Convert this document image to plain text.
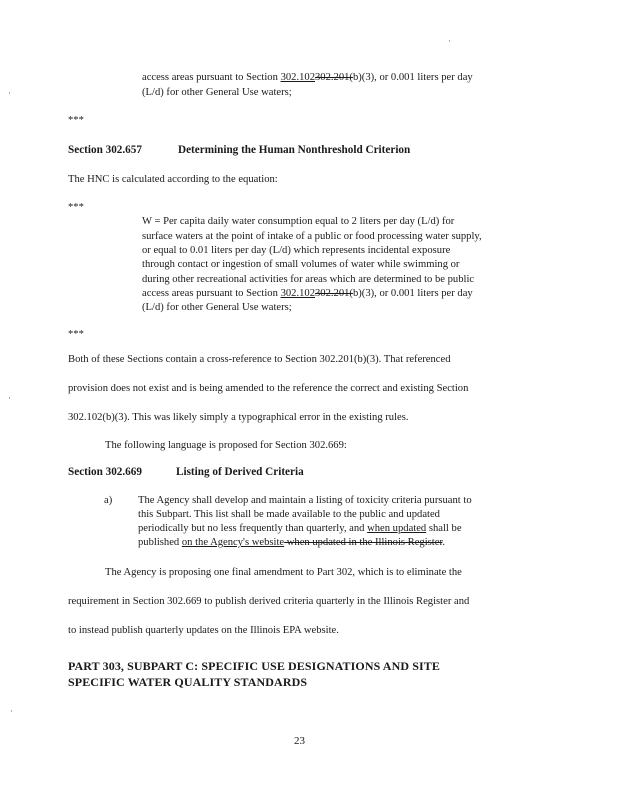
access areas pursuant to Section 302.102302.201(b)(3), or 0.001 liters per day
(L/d) for other General Use waters;
***
Section 302.657	Determining the Human Nonthreshold Criterion
The HNC is calculated according to the equation:
***
W = Per capita daily water consumption equal to 2 liters per day (L/d) for
surface waters at the point of intake of a public or food processing water supply,
or equal to 0.01 liters per day (L/d) which represents incidental exposure
through contact or ingestion of small volumes of water while swimming or
during other recreational activities for areas which are determined to be public
access areas pursuant to Section 302.102302.201(b)(3), or 0.001 liters per day
(L/d) for other General Use waters;
***
Both of these Sections contain a cross-reference to Section 302.201(b)(3). That referenced
provision does not exist and is being amended to the reference the correct and existing Section
302.102(b)(3). This was likely simply a typographical error in the existing rules.
The following language is proposed for Section 302.669:
Section 302.669	Listing of Derived Criteria
a) The Agency shall develop and maintain a listing of toxicity criteria pursuant to
this Subpart. This list shall be made available to the public and updated
periodically but no less frequently than quarterly, and when updated shall be
published on the Agency's website when updated in the Illinois Register.
The Agency is proposing one final amendment to Part 302, which is to eliminate the
requirement in Section 302.669 to publish derived criteria quarterly in the Illinois Register and
to instead publish quarterly updates on the Illinois EPA website.
PART 303, SUBPART C: SPECIFIC USE DESIGNATIONS AND SITE
SPECIFIC WATER QUALITY STANDARDS
23
·
·
·
·
